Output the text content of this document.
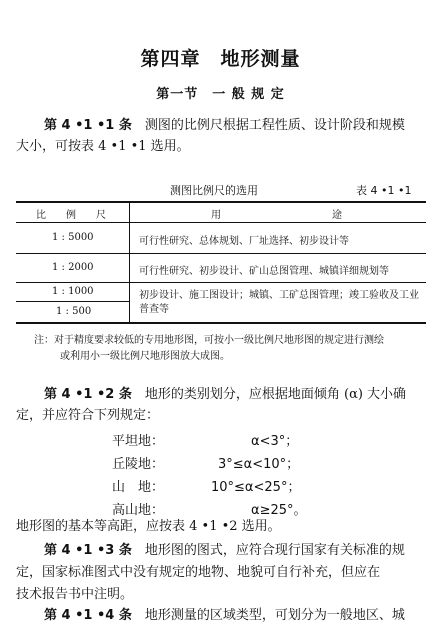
第四章　地形测量
第一节　一 般 规 定
第 4 •1 •1 条　 测图的比例尺根据工程性质、设计阶段和规模
大小，可按表 4 •1 •1 选用。
测图比例尺的选用	表 4 •1 •1
比　　例　　尺	用	途
1 : 5000	可行性研究、总体规划、厂址选择、初步设计等
1 : 2000	可行性研究、初步设计、矿山总图管理、城镇详细规划等
1 : 1000	初步设计、施工图设计；城镇、工矿总图管理；竣工验收及工业普查等
1 : 500
注：对于精度要求较低的专用地形图，可按小一级比例尺地形图的规定进行测绘
或利用小一级比例尺地形图放大成图。
第 4 •1 •2 条　 地形的类别划分，应根据地面倾角 (α) 大小确
定，并应符合下列规定：
平坦地：	α<3°；
丘陵地：	3°≤α<10°；
山　地：	10°≤α<25°；
高山地：	α≥25°。
地形图的基本等高距，应按表 4 •1 •2 选用。
第 4 •1 •3 条　 地形图的图式，应符合现行国家有关标准的规
定，国家标准图式中没有规定的地物、地貌可自行补充，但应在
技术报告书中注明。
第 4 •1 •4 条　 地形测量的区域类型，可划分为一般地区、城
